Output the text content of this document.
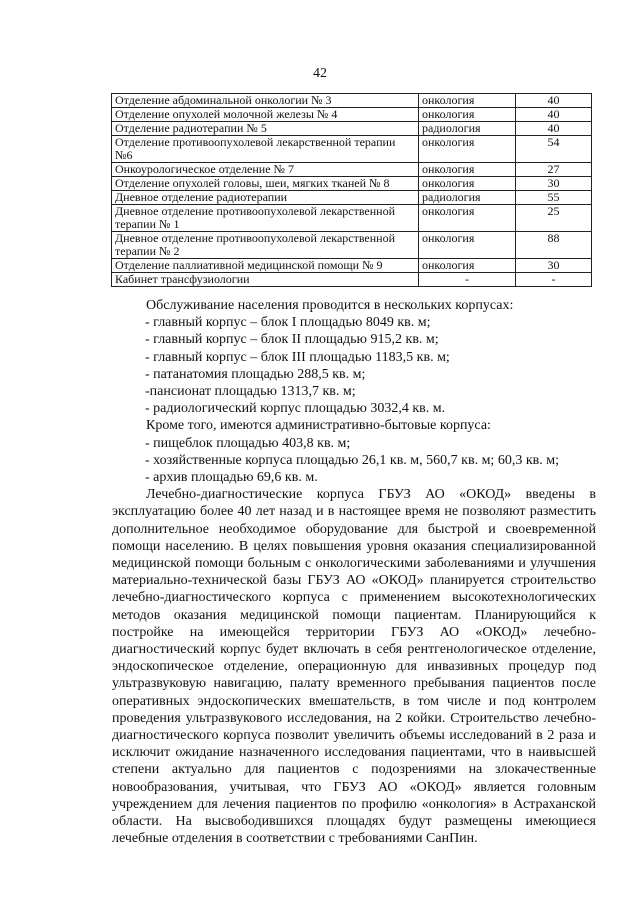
42
Отделение абдоминальной онкологии № 3	онкология	40
Отделение опухолей молочной железы № 4	онкология	40
Отделение радиотерапии № 5	радиология	40
Отделение противоопухолевой лекарственной терапии №6	онкология	54
Онкоурологическое отделение № 7	онкология	27
Отделение опухолей головы, шеи, мягких тканей № 8	онкология	30
Дневное отделение радиотерапии	радиология	55
Дневное отделение противоопухолевой лекарственной терапии № 1	онкология	25
Дневное отделение противоопухолевой лекарственной терапии № 2	онкология	88
Отделение паллиативной медицинской помощи № 9	онкология	30
Кабинет трансфузиологии	-	-

Обслуживание населения проводится в нескольких корпусах:

- главный корпус – блок I площадью 8049 кв. м;

- главный корпус – блок II площадью 915,2 кв. м;

- главный корпус – блок III площадью 1183,5 кв. м;

- патанатомия площадью 288,5 кв. м;

-пансионат площадью 1313,7 кв. м;

- радиологический корпус площадью 3032,4 кв. м.

Кроме того, имеются административно-бытовые корпуса:

- пищеблок площадью 403,8 кв. м;

- хозяйственные корпуса площадью 26,1 кв. м, 560,7 кв. м; 60,3 кв. м;

- архив площадью 69,6 кв. м.

Лечебно-диагностические корпуса ГБУЗ АО «ОКОД» введены в эксплуатацию более 40 лет назад и в настоящее время не позволяют разместить дополнительное необходимое оборудование для быстрой и своевременной помощи населению. В целях повышения уровня оказания специализированной медицинской помощи больным с онкологическими заболеваниями и улучшения материально-технической базы ГБУЗ АО «ОКОД» планируется строительство лечебно-диагностического корпуса с применением высокотехнологических методов оказания медицинской помощи пациентам. Планирующийся к постройке на имеющейся территории ГБУЗ АО «ОКОД» лечебно-диагностический корпус будет включать в себя рентгенологическое отделение, эндоскопическое отделение, операционную для инвазивных процедур под ультразвуковую навигацию, палату временного пребывания пациентов после оперативных эндоскопических вмешательств, в том числе и под контролем проведения ультразвукового исследования, на 2 койки. Строительство лечебно-диагностического корпуса позволит увеличить объемы исследований в 2 раза и исключит ожидание назначенного исследования пациентами, что в наивысшей степени актуально для пациентов с подозрениями на злокачественные новообразования, учитывая, что ГБУЗ АО «ОКОД» является головным учреждением для лечения пациентов по профилю «онкология» в Астраханской области. На высвободившихся площадях будут размещены имеющиеся лечебные отделения в соответствии с требованиями СанПин.
